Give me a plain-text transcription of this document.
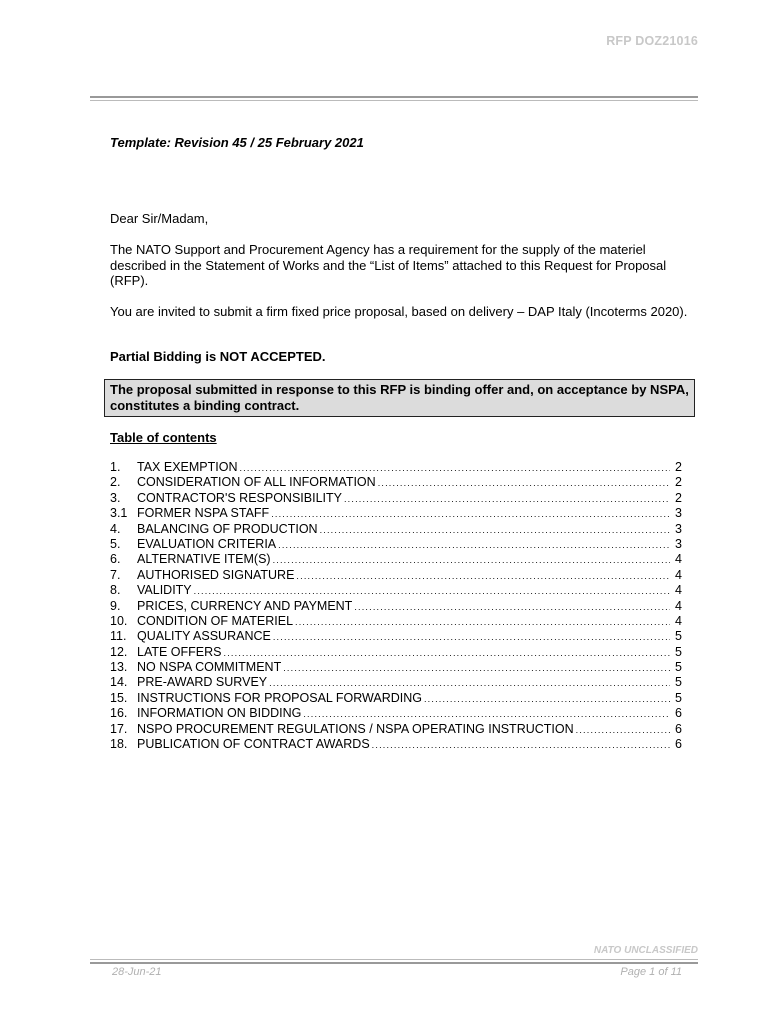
RFP DOZ21016
Template: Revision 45 / 25 February 2021
Dear Sir/Madam,
The NATO Support and Procurement Agency has a requirement for the supply of the materiel described in the Statement of Works and the “List of Items” attached to this Request for Proposal (RFP).
You are invited to submit a firm fixed price proposal, based on delivery – DAP Italy (Incoterms 2020).
Partial Bidding is NOT ACCEPTED.
The proposal submitted in response to this RFP is binding offer and, on acceptance by NSPA, constitutes a binding contract.
Table of contents
1.	TAX EXEMPTION .....	2
2.	CONSIDERATION OF ALL INFORMATION .....	2
3.	CONTRACTOR'S RESPONSIBILITY .....	2
3.1 FORMER NSPA STAFF .....	3
4.	BALANCING OF PRODUCTION .....	3
5.	EVALUATION CRITERIA .....	3
6.	ALTERNATIVE ITEM(S) .....	4
7.	AUTHORISED SIGNATURE .....	4
8.	VALIDITY .....	4
9.	PRICES, CURRENCY AND PAYMENT .....	4
10. CONDITION OF MATERIEL .....	4
11. QUALITY ASSURANCE .....	5
12. LATE OFFERS .....	5
13. NO NSPA COMMITMENT .....	5
14. PRE-AWARD SURVEY .....	5
15. INSTRUCTIONS FOR PROPOSAL FORWARDING .....	5
16. INFORMATION ON BIDDING .....	6
17. NSPO PROCUREMENT REGULATIONS / NSPA OPERATING INSTRUCTION .....	6
18. PUBLICATION OF CONTRACT AWARDS .....	6
NATO UNCLASSIFIED
28-Jun-21	Page 1 of 11
